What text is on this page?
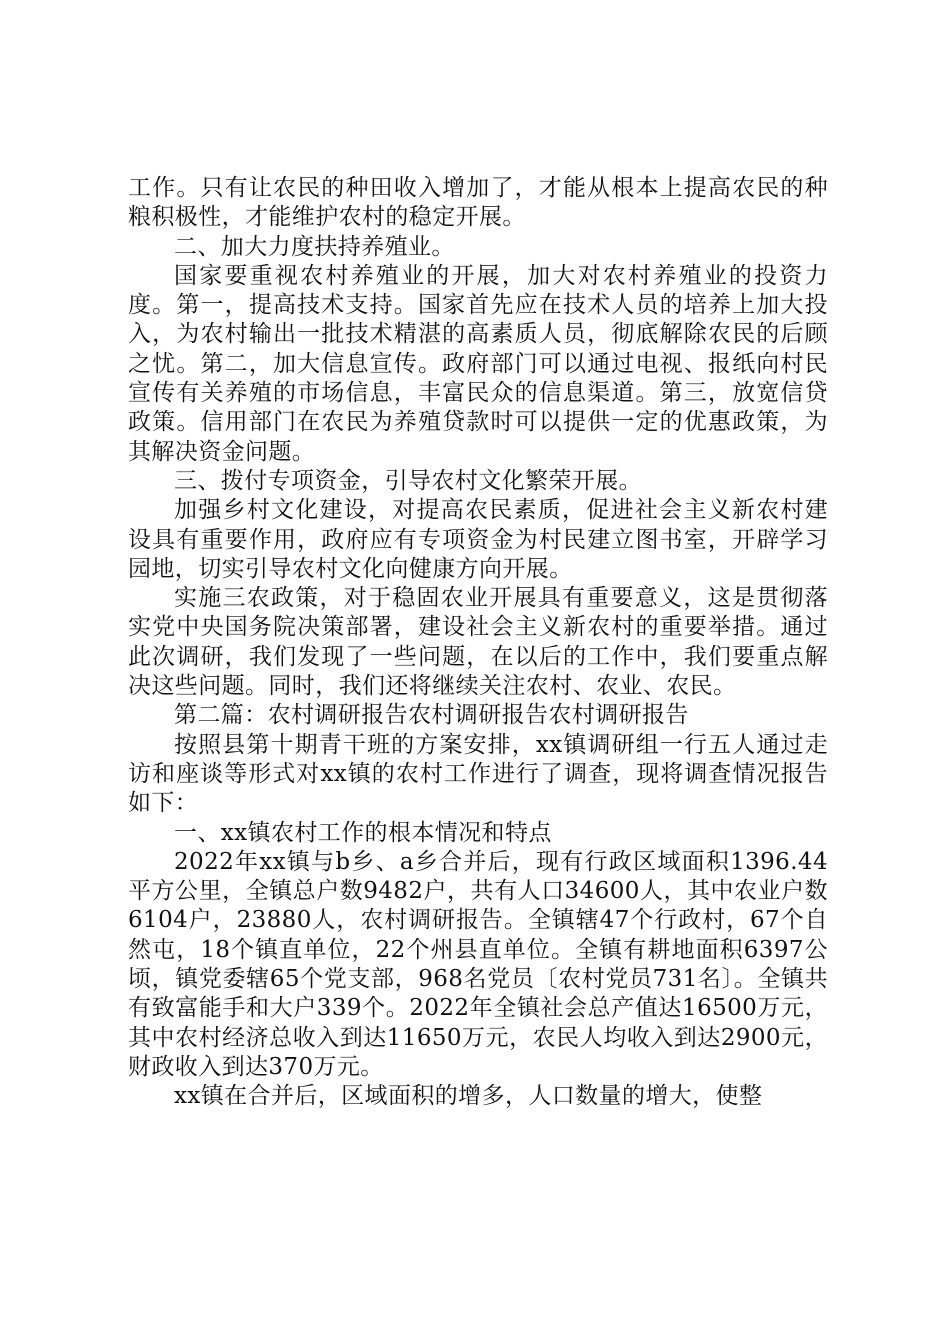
工作。只有让农民的种田收入增加了，才能从根本上提高农民的种粮积极性，才能维护农村的稳定开展。

二、加大力度扶持养殖业。

国家要重视农村养殖业的开展，加大对农村养殖业的投资力度。第一，提高技术支持。国家首先应在技术人员的培养上加大投入，为农村输出一批技术精湛的高素质人员，彻底解除农民的后顾之忧。第二，加大信息宣传。政府部门可以通过电视、报纸向村民宣传有关养殖的市场信息，丰富民众的信息渠道。第三，放宽信贷政策。信用部门在农民为养殖贷款时可以提供一定的优惠政策，为其解决资金问题。

三、拨付专项资金，引导农村文化繁荣开展。

加强乡村文化建设，对提高农民素质，促进社会主义新农村建设具有重要作用，政府应有专项资金为村民建立图书室，开辟学习园地，切实引导农村文化向健康方向开展。

实施三农政策，对于稳固农业开展具有重要意义，这是贯彻落实党中央国务院决策部署，建设社会主义新农村的重要举措。通过此次调研，我们发现了一些问题，在以后的工作中，我们要重点解决这些问题。同时，我们还将继续关注农村、农业、农民。

第二篇：农村调研报告农村调研报告农村调研报告

按照县第十期青干班的方案安排，xx镇调研组一行五人通过走访和座谈等形式对xx镇的农村工作进行了调查，现将调查情况报告如下：

一、xx镇农村工作的根本情况和特点

2022年xx镇与b乡、a乡合并后，现有行政区域面积1396.44平方公里，全镇总户数9482户，共有人口34600人，其中农业户数6104户，23880人，农村调研报告。全镇辖47个行政村，67个自然屯，18个镇直单位，22个州县直单位。全镇有耕地面积6397公顷，镇党委辖65个党支部，968名党员〔农村党员731名〕。全镇共有致富能手和大户339个。2022年全镇社会总产值达16500万元，其中农村经济总收入到达11650万元，农民人均收入到达2900元，财政收入到达370万元。

xx镇在合并后，区域面积的增多，人口数量的增大，使整
